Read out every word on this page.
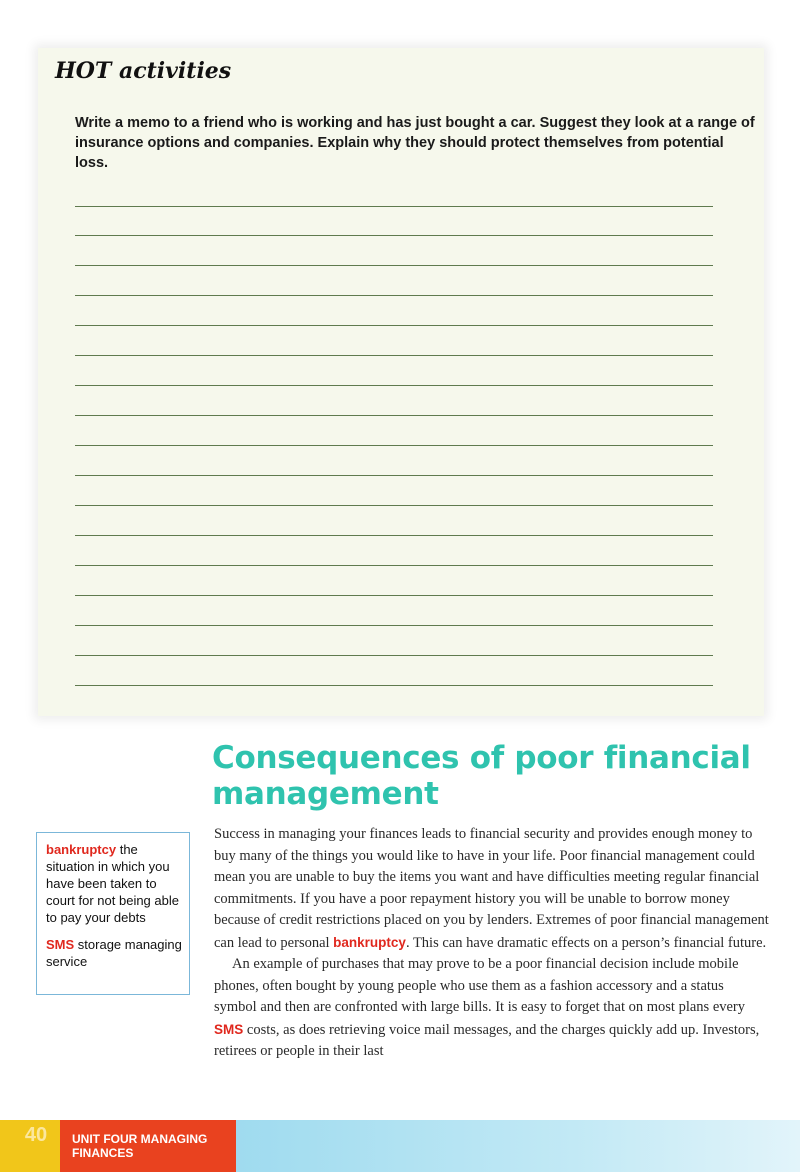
HOT activities

Write a memo to a friend who is working and has just bought a car. Suggest they look at a range of insurance options and companies. Explain why they should protect themselves from potential loss.

Consequences of poor financial management

bankruptcy the situation in which you have been taken to court for not being able to pay your debts

SMS storage managing service

Success in managing your finances leads to financial security and provides enough money to buy many of the things you would like to have in your life. Poor financial management could mean you are unable to buy the items you want and have difficulties meeting regular financial commitments. If you have a poor repayment history you will be unable to borrow money because of credit restrictions placed on you by lenders. Extremes of poor financial management can lead to personal bankruptcy. This can have dramatic effects on a person’s financial future.

An example of purchases that may prove to be a poor financial decision include mobile phones, often bought by young people who use them as a fashion accessory and a status symbol and then are confronted with large bills. It is easy to forget that on most plans every SMS costs, as does retrieving voice mail messages, and the charges quickly add up. Investors, retirees or people in their last

40	UNIT FOUR MANAGING FINANCES
